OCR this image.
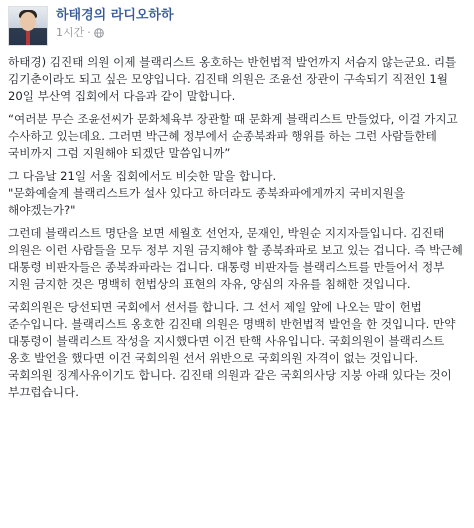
하태경의 라디오하하
1시간 ·

하태경) 김진태 의원 이제 블랙리스트 옹호하는 반헌법적 발언까지 서슴지 않는군요. 리틀 김기춘이라도 되고 싶은 모양입니다. 김진태 의원은 조윤선 장관이 구속되기 직전인 1월 20일 부산역 집회에서 다음과 같이 말합니다.

“여러분 무슨 조윤선씨가 문화체육부 장관할 때 문화계 블랙리스트 만들었다, 이걸 가지고 수사하고 있는데요. 그러면 박근혜 정부에서 순종북좌파 행위를 하는 그런 사람들한테 국비까지 그럼 지원해야 되겠단 말씀입니까”

그 다음날 21일 서울 집회에서도 비슷한 말을 합니다.

"문화예술계 블랙리스트가 설사 있다고 하더라도 종북좌파에게까지 국비지원을 해야겠는가?"

그런데 블랙리스트 명단을 보면 세월호 선언자, 문재인, 박원순 지지자들입니다. 김진태 의원은 이런 사람들을 모두 정부 지원 금지해야 할 종북좌파로 보고 있는 겁니다. 즉 박근혜 대통령 비판자들은 종북좌파라는 겁니다. 대통령 비판자들 블랙리스트를 만들어서 정부 지원 금지한 것은 명백히 헌법상의 표현의 자유, 양심의 자유를 침해한 것입니다.

국회의원은 당선되면 국회에서 선서를 합니다. 그 선서 제일 앞에 나오는 말이 헌법 준수입니다. 블랙리스트 옹호한 김진태 의원은 명백히 반헌법적 발언을 한 것입니다. 만약 대통령이 블랙리스트 작성을 지시했다면 이건 탄핵 사유입니다. 국회의원이 블랙리스트 옹호 발언을 했다면 이건 국회의원 선서 위반으로 국회의원 자격이 없는 것입니다. 국회의원 징계사유이기도 합니다. 김진태 의원과 같은 국회의사당 지붕 아래 있다는 것이 부끄럽습니다.
